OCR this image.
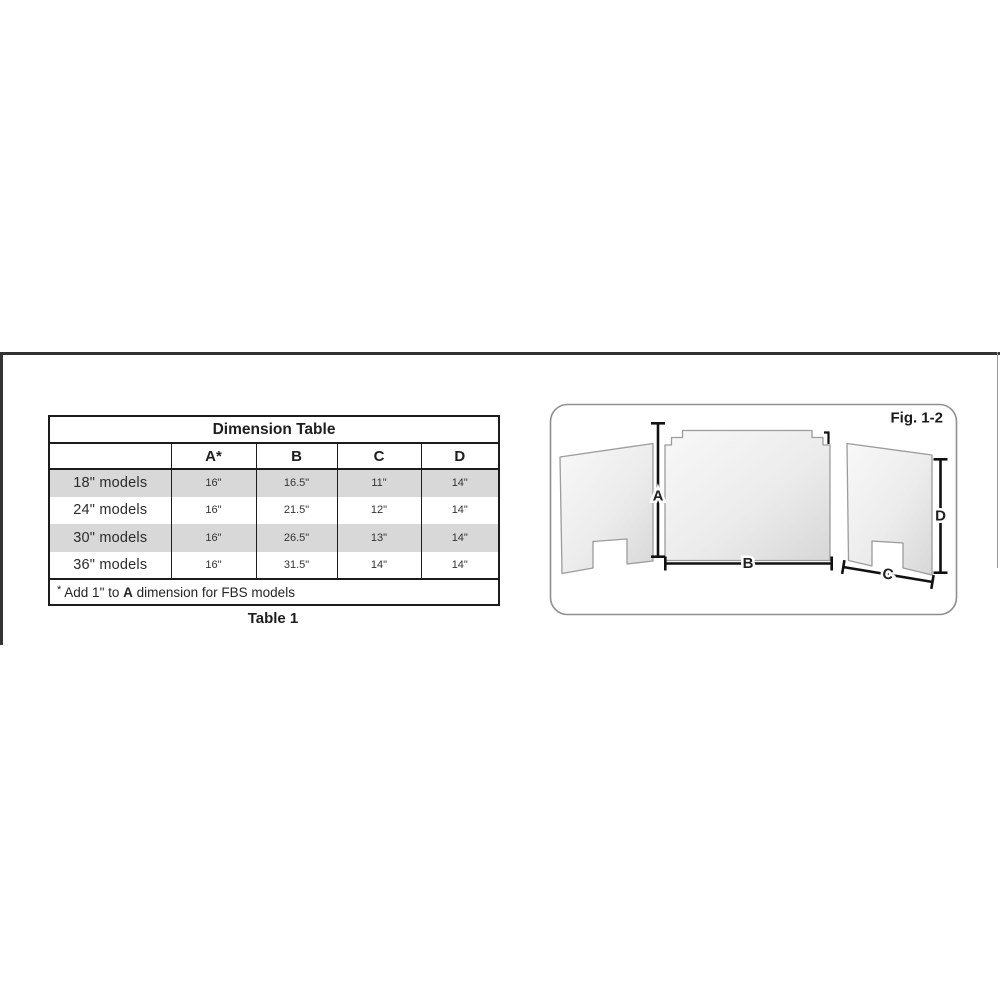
Dimension Table				
	A*	B	C	D
18" models	16"	16.5"	11"	14"
24" models	16"	21.5"	12"	14"
30" models	16"	26.5"	13"	14"
36" models	16"	31.5"	14"	14"
* Add 1" to A dimension for FBS models				
Table 1
Fig. 1-2
A
B
C
D
